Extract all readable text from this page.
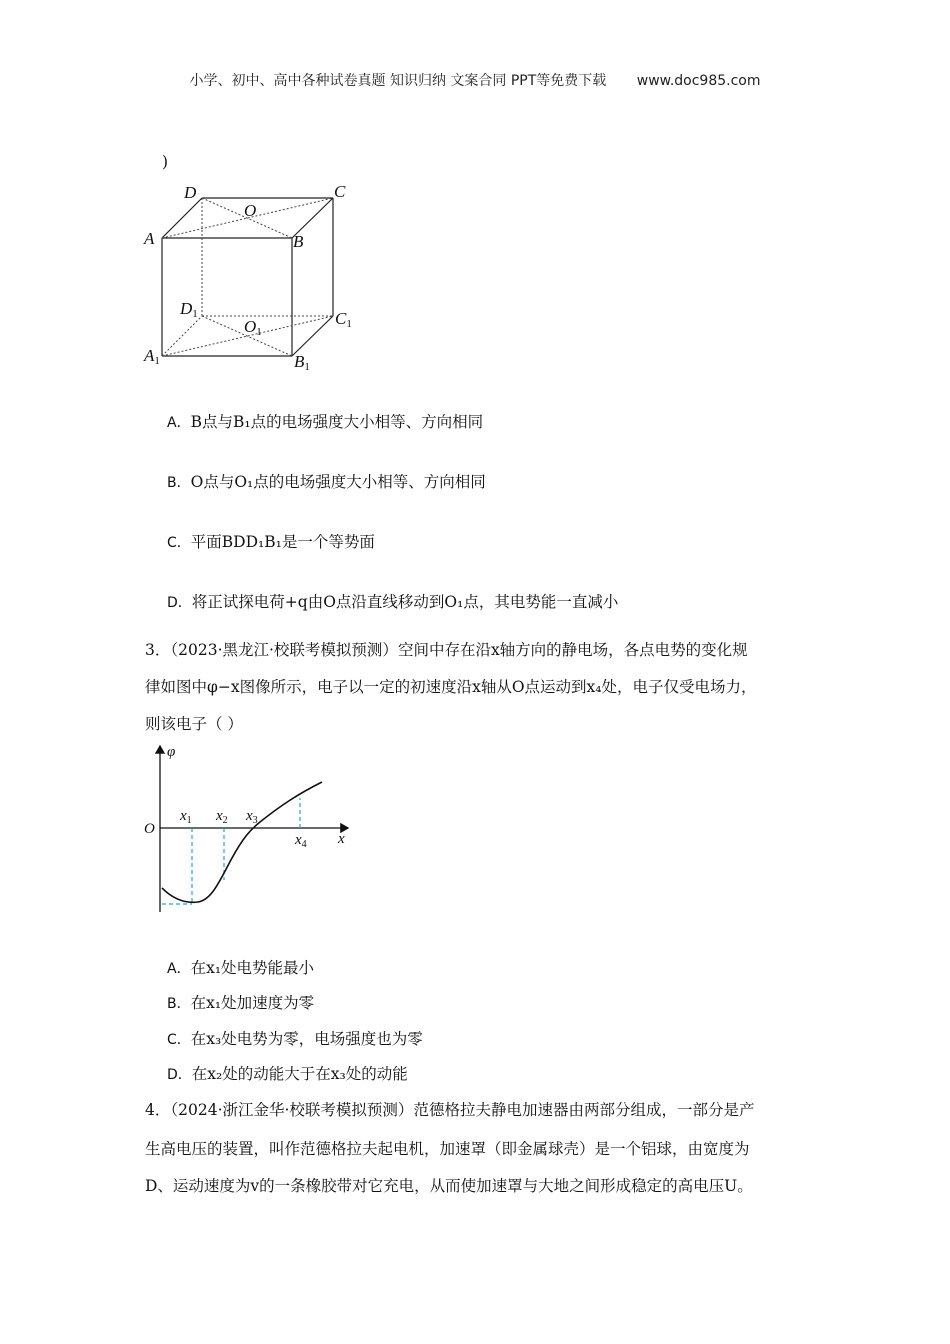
小学、初中、高中各种试卷真题 知识归纳 文案合同 PPT等免费下载 www.doc985.com
)
D	C
O
A	B
D1
O1
C1
A1	B1
A．B点与B₁点的电场强度大小相等、方向相同
B．O点与O₁点的电场强度大小相等、方向相同
C．平面BDD₁B₁是一个等势面
D．将正试探电荷+q由O点沿直线移动到O₁点，其电势能一直减小
3．（2023·黑龙江·校联考模拟预测）空间中存在沿x轴方向的静电场，各点电势的变化规
律如图中φ−x图像所示，电子以一定的初速度沿x轴从O点运动到x₄处，电子仅受电场力，
则该电子（ ）
φ
O
$x_1$ $x_2$ $x_3$
$x_4$ x
A．在x₁处电势能最小
B．在x₁处加速度为零
C．在x₃处电势为零，电场强度也为零
D．在x₂处的动能大于在x₃处的动能
4．（2024·浙江金华·校联考模拟预测）范德格拉夫静电加速器由两部分组成，一部分是产
生高电压的装置，叫作范德格拉夫起电机，加速罩（即金属球壳）是一个铝球，由宽度为
D、运动速度为v的一条橡胶带对它充电，从而使加速罩与大地之间形成稳定的高电压U。
